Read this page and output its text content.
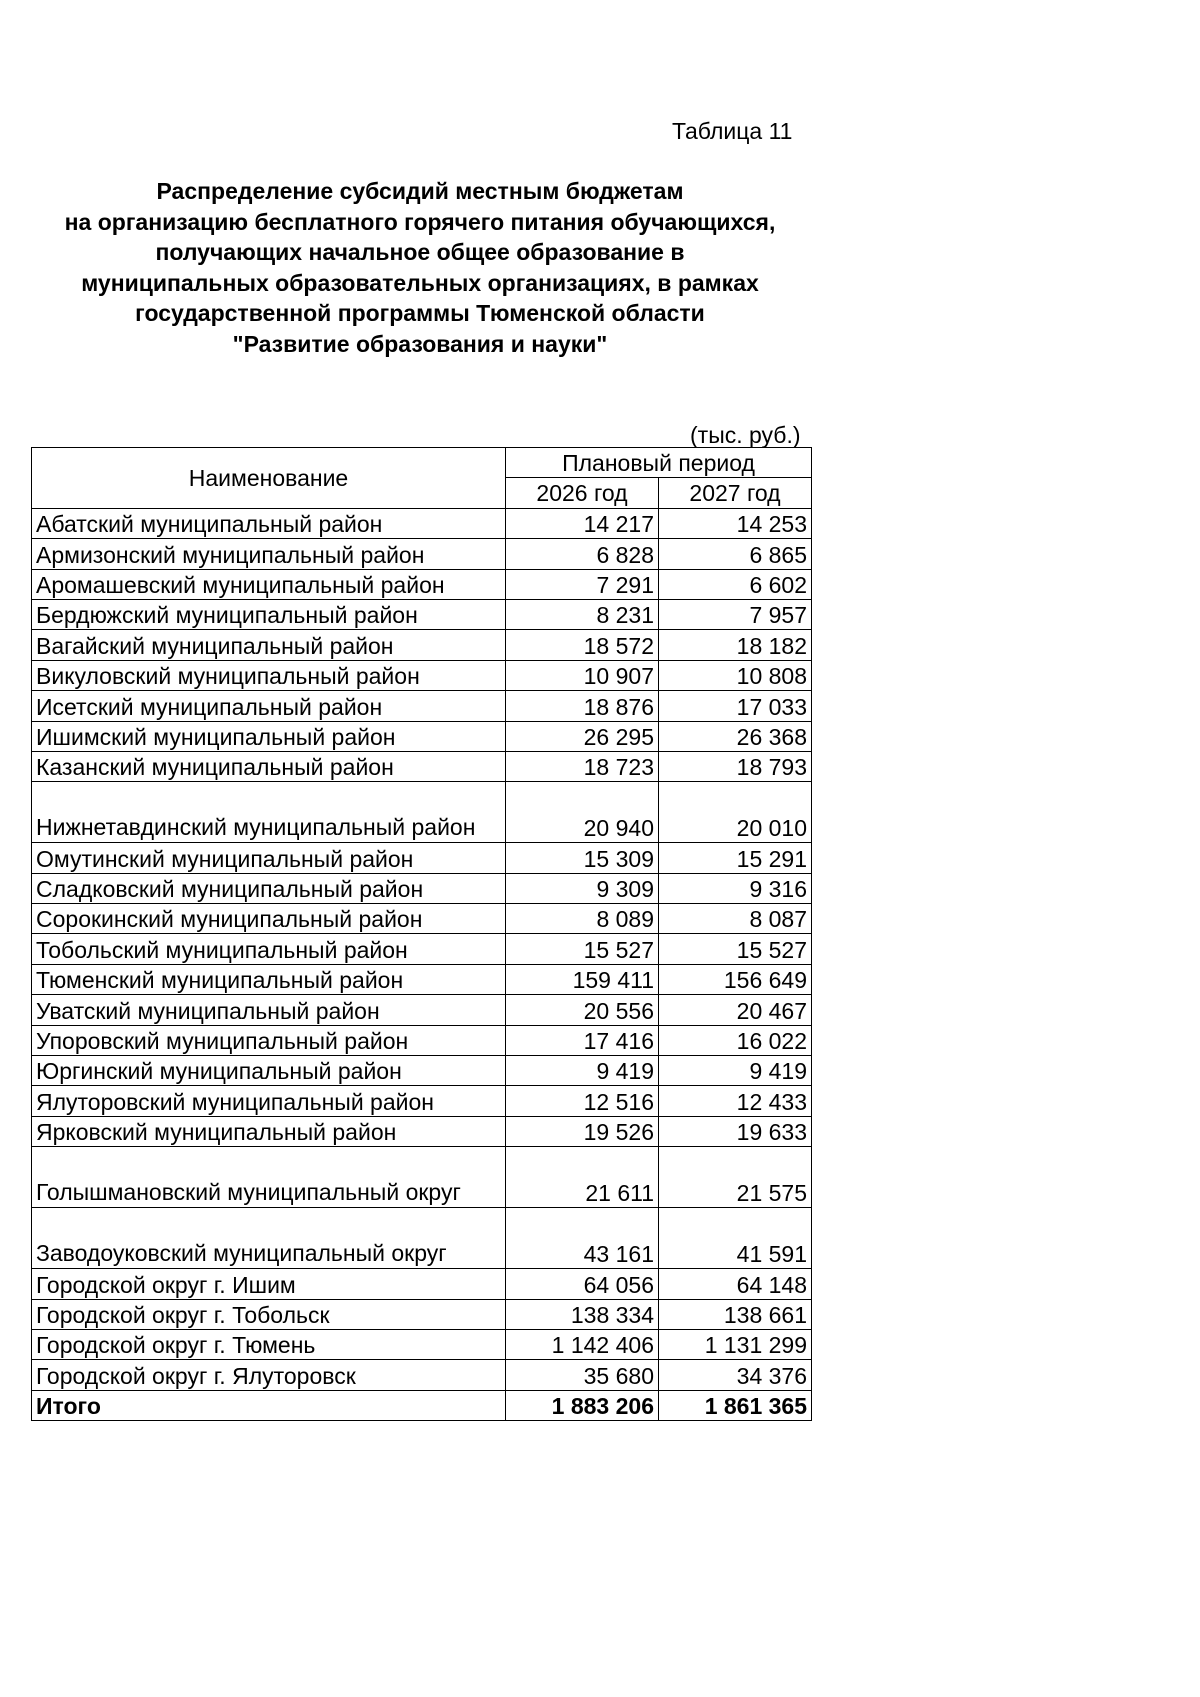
Таблица 11
Распределение субсидий местным бюджетам
на организацию бесплатного горячего питания обучающихся,
получающих начальное общее образование в
муниципальных образовательных организациях, в рамках
государственной программы Тюменской области
"Развитие образования и науки"
(тыс. руб.)
Наименование	Плановый период	
	2026 год	2027 год
Абатский муниципальный район	14 217	14 253
Армизонский муниципальный район	6 828	6 865
Аромашевский муниципальный район	7 291	6 602
Бердюжский муниципальный район	8 231	7 957
Вагайский муниципальный район	18 572	18 182
Викуловский муниципальный район	10 907	10 808
Исетский муниципальный район	18 876	17 033
Ишимский муниципальный район	26 295	26 368
Казанский муниципальный район	18 723	18 793
Нижнетавдинский муниципальный район	20 940	20 010
Омутинский муниципальный район	15 309	15 291
Сладковский муниципальный район	9 309	9 316
Сорокинский муниципальный район	8 089	8 087
Тобольский муниципальный район	15 527	15 527
Тюменский муниципальный район	159 411	156 649
Уватский муниципальный район	20 556	20 467
Упоровский муниципальный район	17 416	16 022
Юргинский муниципальный район	9 419	9 419
Ялуторовский муниципальный район	12 516	12 433
Ярковский муниципальный район	19 526	19 633
Голышмановский муниципальный округ	21 611	21 575
Заводоуковский муниципальный округ	43 161	41 591
Городской округ г. Ишим	64 056	64 148
Городской округ г. Тобольск	138 334	138 661
Городской округ г. Тюмень	1 142 406	1 131 299
Городской округ г. Ялуторовск	35 680	34 376
Итого	1 883 206	1 861 365
